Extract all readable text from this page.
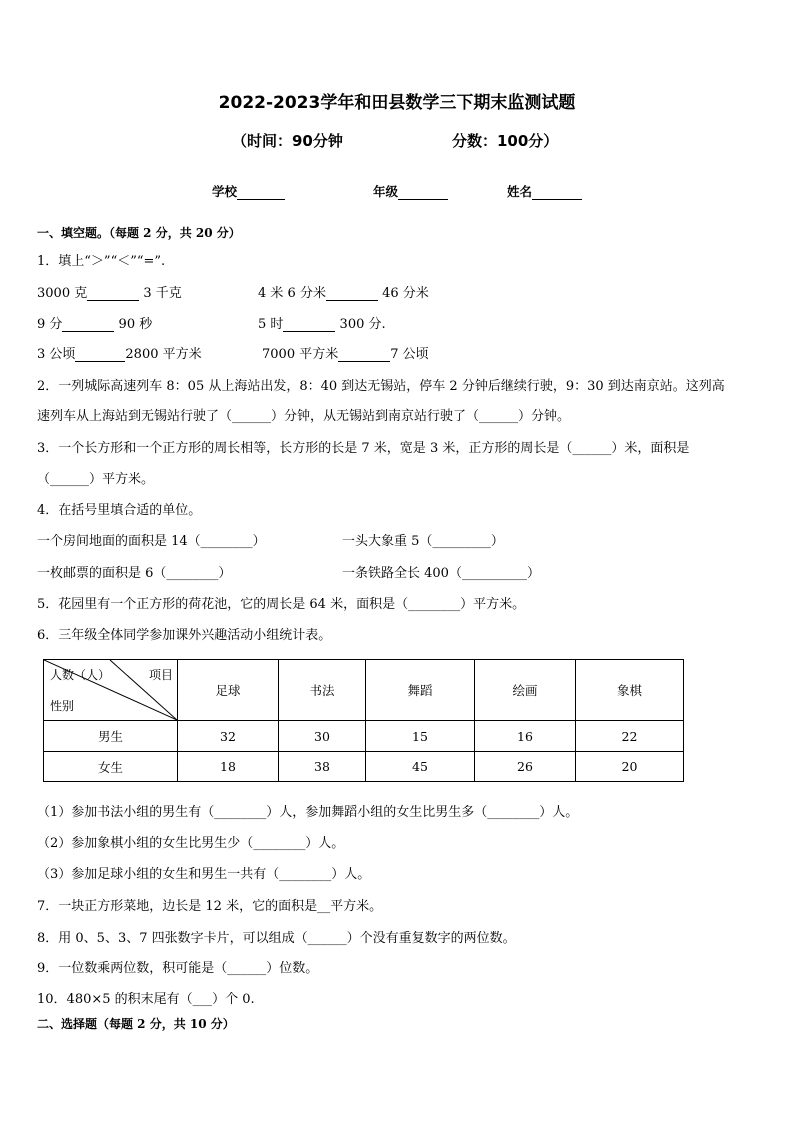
2022-2023学年和田县数学三下期末监测试题
（时间：90分钟	分数：100分）
学校	年级	姓名
一、填空题。（每题 2 分，共 20 分）
1．填上“＞”“＜”“=”.
3000 克	3 千克	4 米 6 分米	46 分米
9 分	90 秒	5 时	300 分.
3 公顷	2800 平方米	7000 平方米	7 公顷
2．一列城际高速列车 8：05 从上海站出发，8：40 到达无锡站，停车 2 分钟后继续行驶，9：30 到达南京站。这列高
速列车从上海站到无锡站行驶了（______）分钟，从无锡站到南京站行驶了（______）分钟。
3．一个长方形和一个正方形的周长相等，长方形的长是 7 米，宽是 3 米，正方形的周长是（______）米，面积是
（______）平方米。
4．在括号里填合适的单位。
一个房间地面的面积是 14（________）	一头大象重 5（_________）
一枚邮票的面积是 6（________）	一条铁路全长 400（__________）
5．花园里有一个正方形的荷花池，它的周长是 64 米，面积是（________）平方米。
6．三年级全体同学参加课外兴趣活动小组统计表。
人数（人） 项目
性别	足球	书法	舞蹈	绘画	象棋
男生	32	30	15	16	22
女生	18	38	45	26	20
（1）参加书法小组的男生有（________）人，参加舞蹈小组的女生比男生多（________）人。
（2）参加象棋小组的女生比男生少（________）人。
（3）参加足球小组的女生和男生一共有（________）人。
7．一块正方形菜地，边长是 12 米，它的面积是__平方米。
8．用 0、5、3、7 四张数字卡片，可以组成（______）个没有重复数字的两位数。
9．一位数乘两位数，积可能是（______）位数。
10．480×5 的积末尾有（___）个 0.
二、选择题（每题 2 分，共 10 分）
